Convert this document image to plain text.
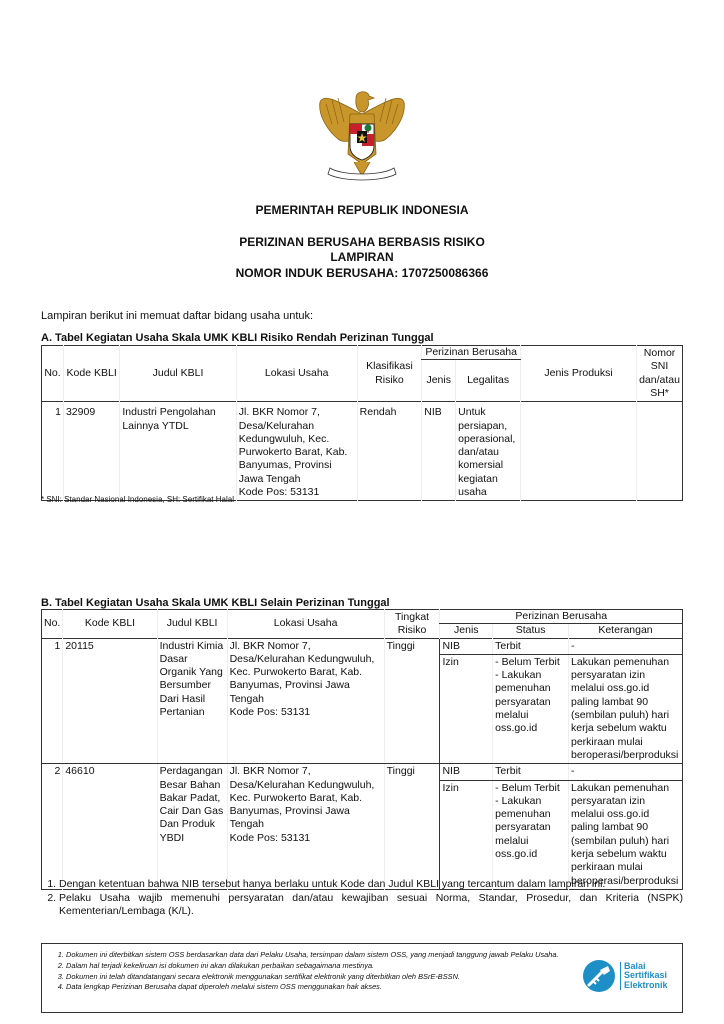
PEMERINTAH REPUBLIK INDONESIA
PERIZINAN BERUSAHA BERBASIS RISIKO
LAMPIRAN
NOMOR INDUK BERUSAHA: 1707250086366
Lampiran berikut ini memuat daftar bidang usaha untuk:
A. Tabel Kegiatan Usaha Skala UMK KBLI Risiko Rendah Perizinan Tunggal
No.	Kode KBLI	Judul KBLI	Lokasi Usaha	Klasifikasi Risiko	Perizinan Berusaha		Jenis Produksi	Nomor SNI dan/atau SH*
					Jenis	Legalitas		
1	32909	Industri Pengolahan Lainnya YTDL	Jl. BKR Nomor 7, Desa/Kelurahan Kedungwuluh, Kec. Purwokerto Barat, Kab. Banyumas, Provinsi Jawa Tengah
Kode Pos: 53131	Rendah	NIB	Untuk persiapan, operasional, dan/atau komersial kegiatan usaha		
* SNI: Standar Nasional Indonesia, SH: Sertifikat Halal
B. Tabel Kegiatan Usaha Skala UMK KBLI Selain Perizinan Tunggal
No.	Kode KBLI	Judul KBLI	Lokasi Usaha	Tingkat Risiko	Perizinan Berusaha		
					Jenis	Status	Keterangan
1	20115	Industri Kimia Dasar Organik Yang Bersumber Dari Hasil Pertanian	Jl. BKR Nomor 7, Desa/Kelurahan Kedungwuluh, Kec. Purwokerto Barat, Kab. Banyumas, Provinsi Jawa Tengah
Kode Pos: 53131	Tinggi	NIB	Terbit	-
					Izin	- Belum Terbit - Lakukan pemenuhan persyaratan melalui oss.go.id	Lakukan pemenuhan persyaratan izin melalui oss.go.id paling lambat 90 (sembilan puluh) hari kerja sebelum waktu perkiraan mulai beroperasi/berproduksi
2	46610	Perdagangan Besar Bahan Bakar Padat, Cair Dan Gas Dan Produk YBDI	Jl. BKR Nomor 7, Desa/Kelurahan Kedungwuluh, Kec. Purwokerto Barat, Kab. Banyumas, Provinsi Jawa Tengah
Kode Pos: 53131	Tinggi	NIB	Terbit	-
					Izin	- Belum Terbit - Lakukan pemenuhan persyaratan melalui oss.go.id	Lakukan pemenuhan persyaratan izin melalui oss.go.id paling lambat 90 (sembilan puluh) hari kerja sebelum waktu perkiraan mulai beroperasi/berproduksi
1. Dengan ketentuan bahwa NIB tersebut hanya berlaku untuk Kode dan Judul KBLI yang tercantum dalam lampiran ini.
2. Pelaku Usaha wajib memenuhi persyaratan dan/atau kewajiban sesuai Norma, Standar, Prosedur, dan Kriteria (NSPK) Kementerian/Lembaga (K/L).
1. Dokumen ini diterbitkan sistem OSS berdasarkan data dari Pelaku Usaha, tersimpan dalam sistem OSS, yang menjadi tanggung jawab Pelaku Usaha.
2. Dalam hal terjadi kekeliruan isi dokumen ini akan dilakukan perbaikan sebagaimana mestinya.
3. Dokumen ini telah ditandatangani secara elektronik menggunakan sertifikat elektronik yang diterbitkan oleh BSrE-BSSN.
4. Data lengkap Perizinan Berusaha dapat diperoleh melalui sistem OSS menggunakan hak akses.
Balai
Sertifikasi
Elektronik
